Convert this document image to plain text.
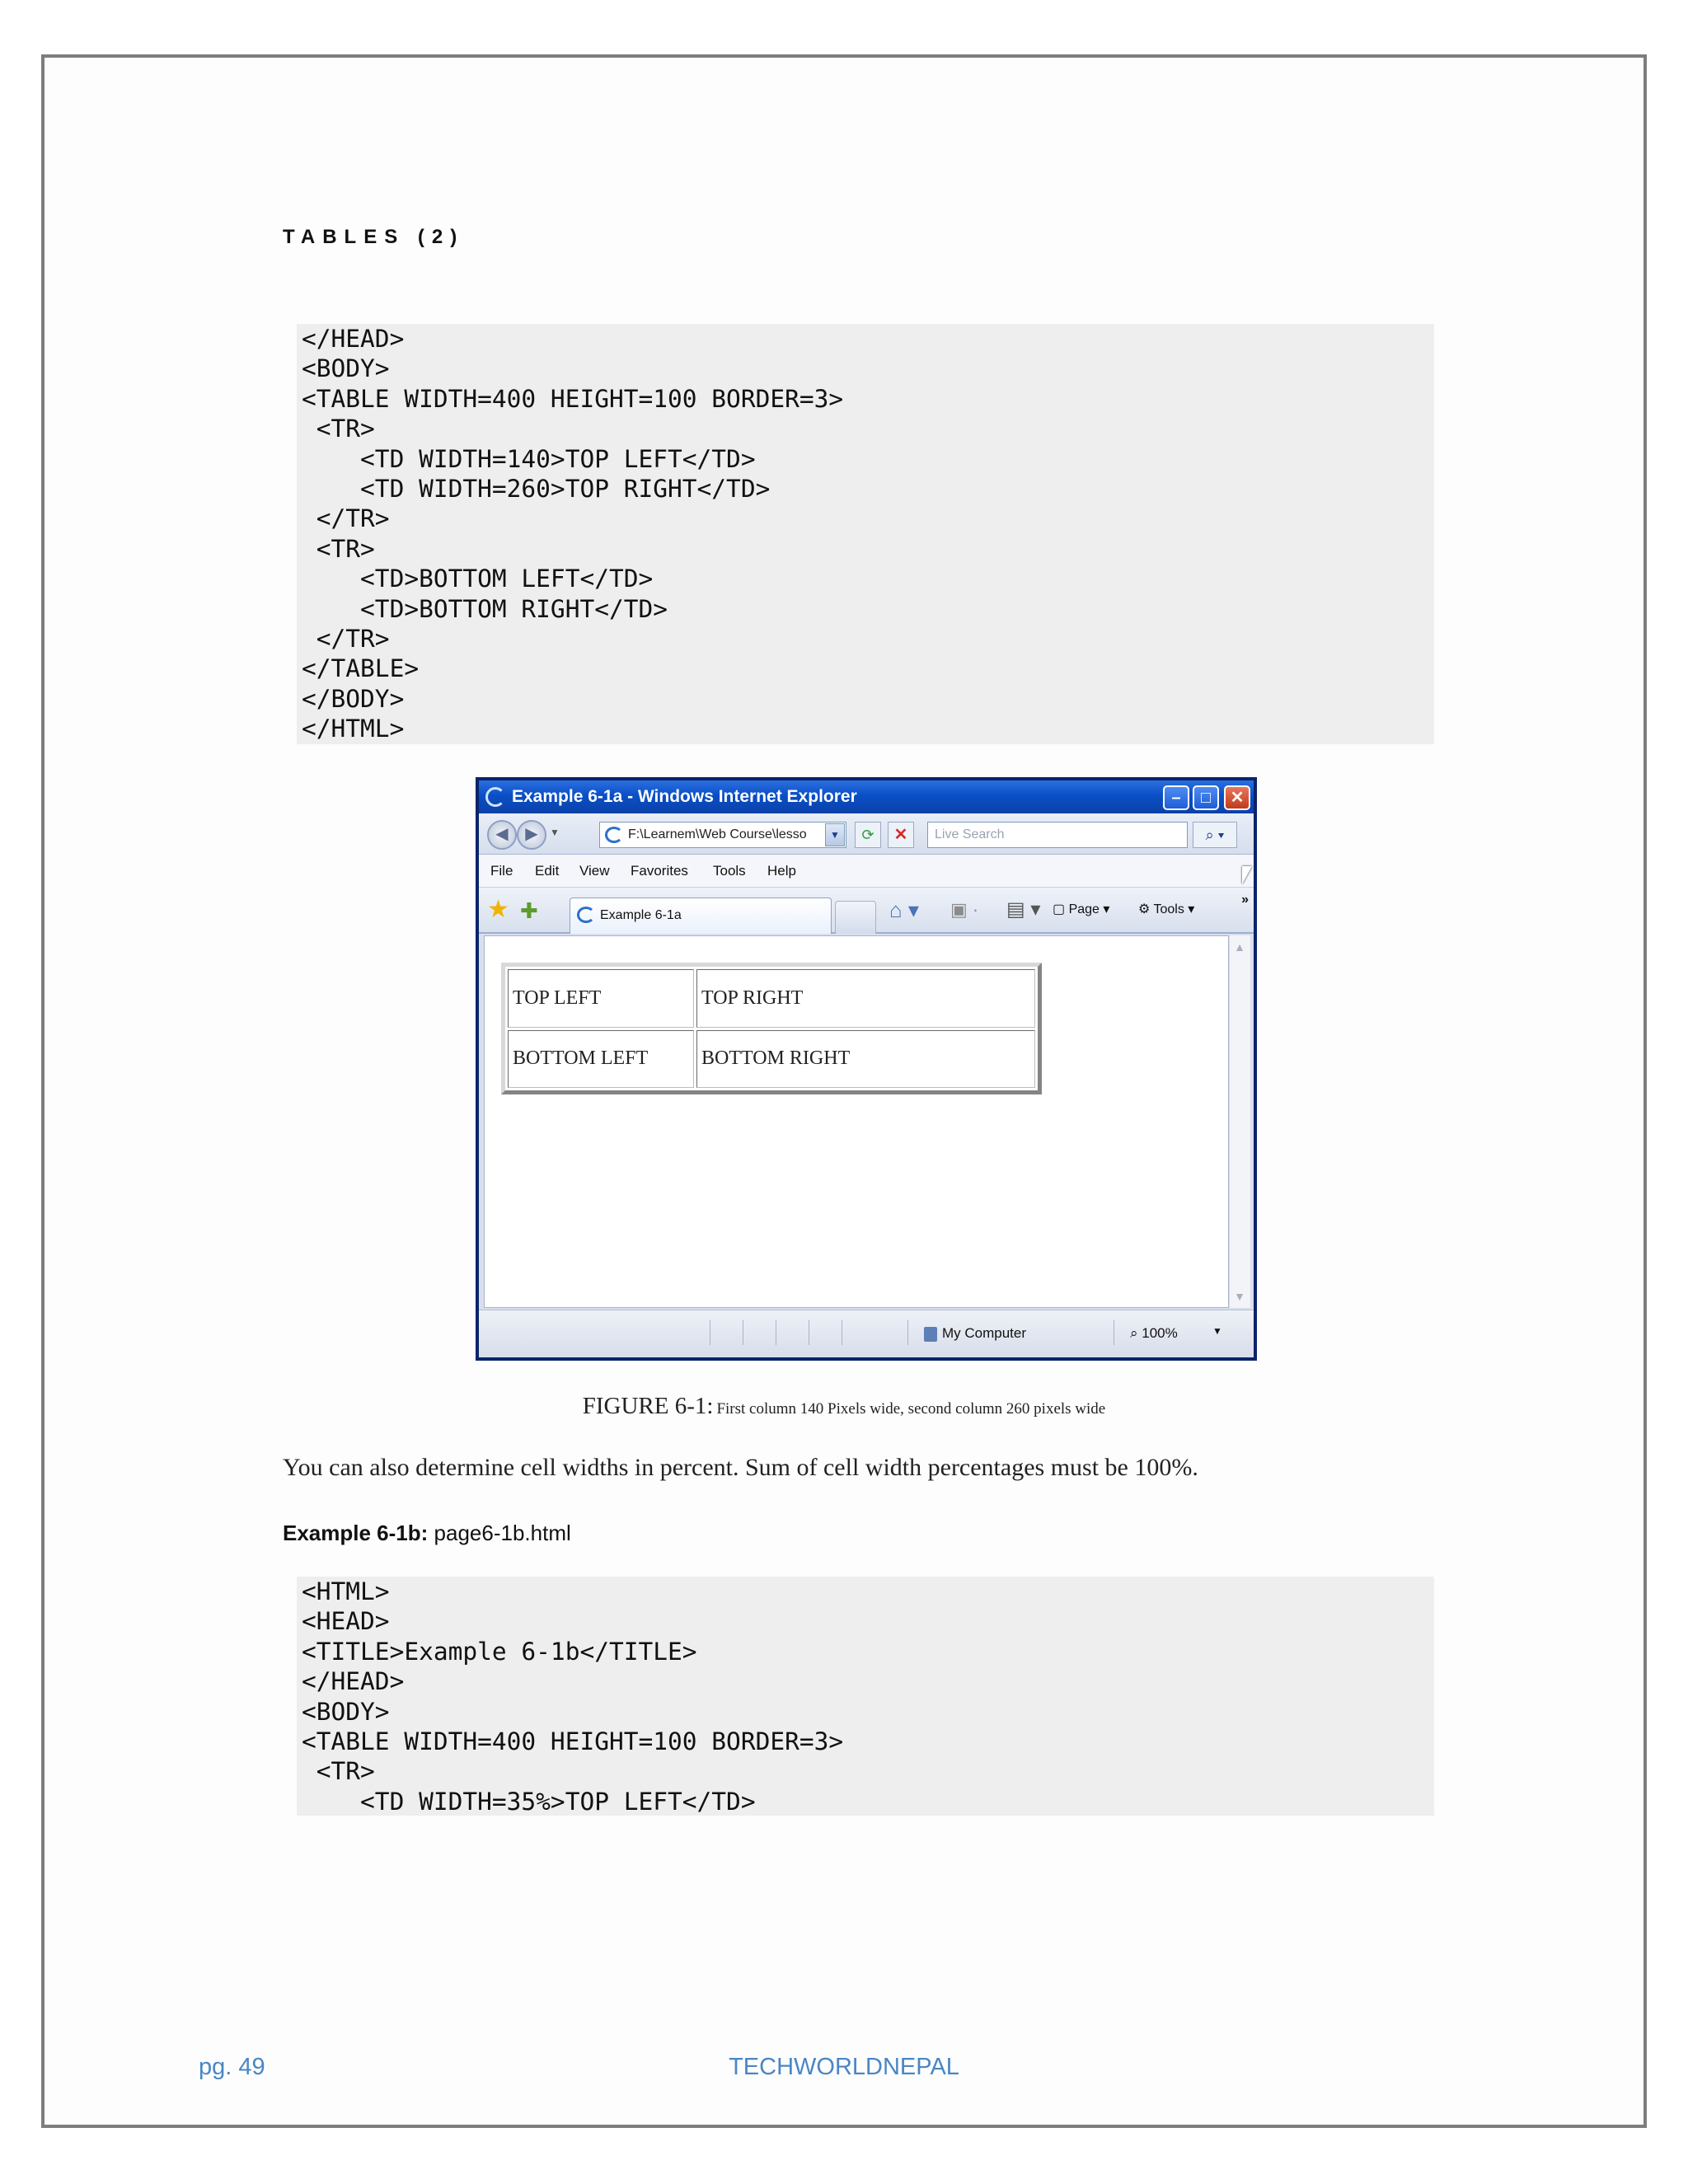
TABLES (2)
</HEAD>
<BODY>
<TABLE WIDTH=400 HEIGHT=100 BORDER=3>
<TR>
<TD WIDTH=140>TOP LEFT</TD>
<TD WIDTH=260>TOP RIGHT</TD>
</TR>
<TR>
<TD>BOTTOM LEFT</TD>
<TD>BOTTOM RIGHT</TD>
</TR>
</TABLE>
</BODY>
</HTML>
Example 6-1a - Windows Internet Explorer	–	□	✕
◀	▶	▼	F:\Learnem\Web Course\lesso	▼	⟳	✕	Live Search	⌕ ▾
File Edit View Favorites Tools Help
★ ✚	Example 6-1a	⌂ ▾ ▣ · ▤ ▾ ▢ Page ▾ ⚙ Tools ▾
»
TOP LEFT	TOP RIGHT
BOTTOM LEFT	BOTTOM RIGHT
▲
▼
My Computer	⌕ 100%	▼
FIGURE 6-1: First column 140 Pixels wide, second column 260 pixels wide
You can also determine cell widths in percent. Sum of cell width percentages must be 100%.
Example 6-1b: page6-1b.html
<HTML>
<HEAD>
<TITLE>Example 6-1b</TITLE>
</HEAD>
<BODY>
<TABLE WIDTH=400 HEIGHT=100 BORDER=3>
<TR>
<TD WIDTH=35%>TOP LEFT</TD>
pg. 49	TECHWORLDNEPAL
